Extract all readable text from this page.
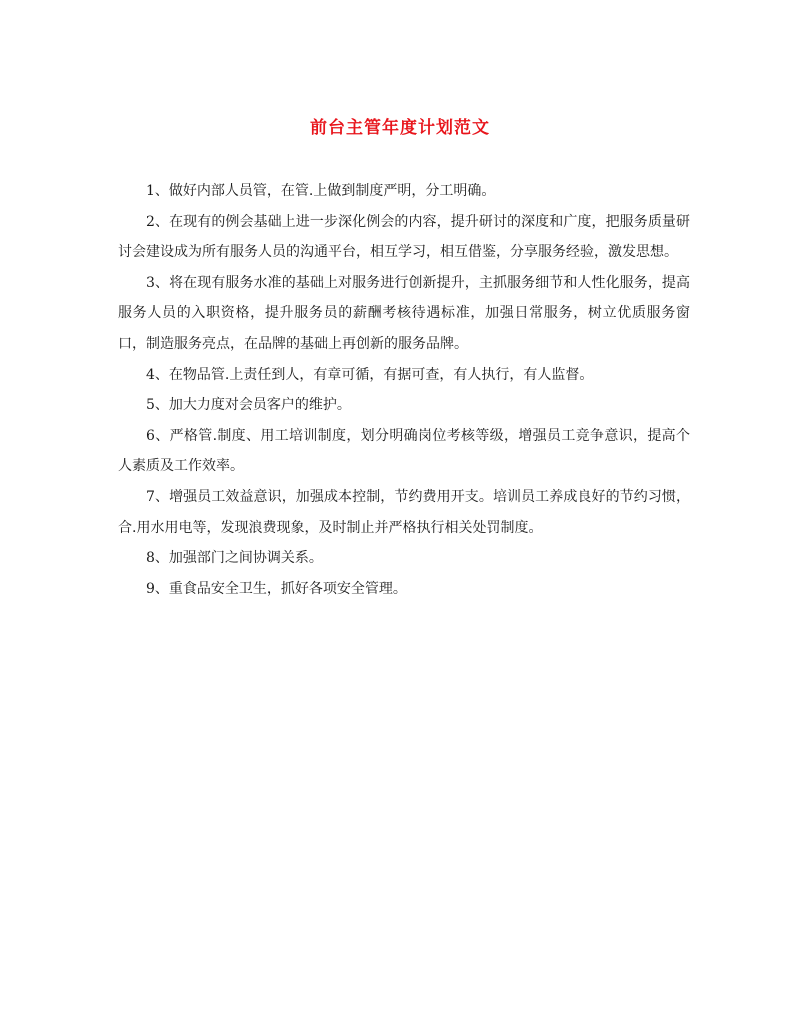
前台主管年度计划范文

1、做好内部人员管，在管.上做到制度严明，分工明确。

2、在现有的例会基础上进一步深化例会的内容，提升研讨的深度和广度，把服务质量研讨会建设成为所有服务人员的沟通平台，相互学习，相互借鉴，分享服务经验，激发思想。

3、将在现有服务水准的基础上对服务进行创新提升，主抓服务细节和人性化服务，提高服务人员的入职资格，提升服务员的薪酬考核待遇标准，加强日常服务，树立优质服务窗口，制造服务亮点，在品牌的基础上再创新的服务品牌。

4、在物品管.上责任到人，有章可循，有据可查，有人执行，有人监督。

5、加大力度对会员客户的维护。

6、严格管.制度、用工培训制度，划分明确岗位考核等级，增强员工竞争意识，提高个人素质及工作效率。

7、增强员工效益意识，加强成本控制，节约费用开支。培训员工养成良好的节约习惯，合.用水用电等，发现浪费现象，及时制止并严格执行相关处罚制度。

8、加强部门之间协调关系。

9、重食品安全卫生，抓好各项安全管理。
